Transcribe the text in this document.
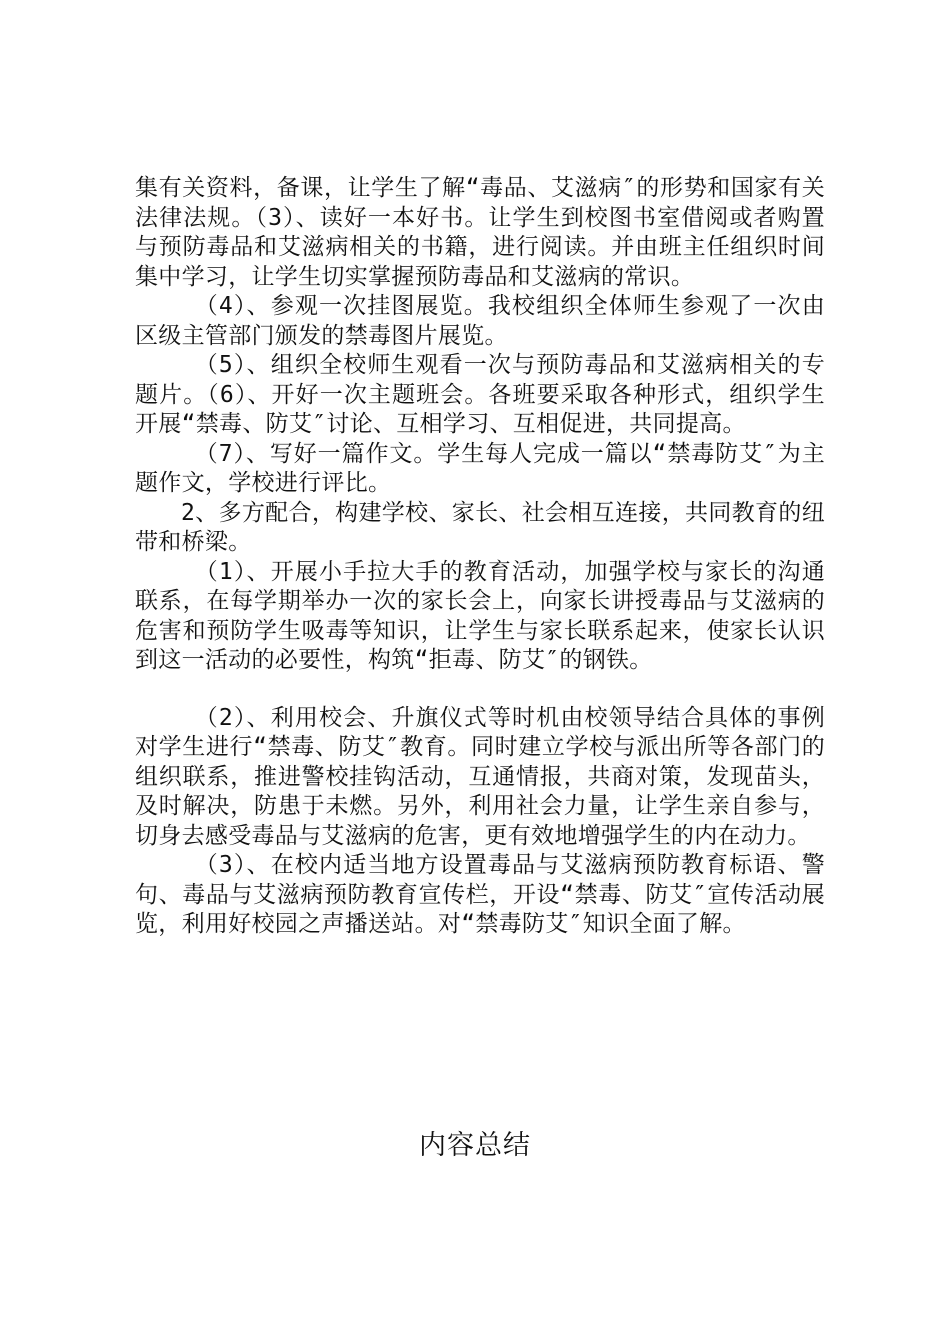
集有关资料，备课，让学生了解“毒品、艾滋病″的形势和国家有关法律法规。（3）、读好一本好书。让学生到校图书室借阅或者购置与预防毒品和艾滋病相关的书籍，进行阅读。并由班主任组织时间集中学习，让学生切实掌握预防毒品和艾滋病的常识。

（4）、参观一次挂图展览。我校组织全体师生参观了一次由区级主管部门颁发的禁毒图片展览。

（5）、组织全校师生观看一次与预防毒品和艾滋病相关的专题片。（6）、开好一次主题班会。各班要采取各种形式，组织学生开展“禁毒、防艾″讨论、互相学习、互相促进，共同提高。

（7）、写好一篇作文。学生每人完成一篇以“禁毒防艾″为主题作文，学校进行评比。

2、多方配合，构建学校、家长、社会相互连接，共同教育的纽带和桥梁。

（1）、开展小手拉大手的教育活动，加强学校与家长的沟通联系，在每学期举办一次的家长会上，向家长讲授毒品与艾滋病的危害和预防学生吸毒等知识，让学生与家长联系起来，使家长认识到这一活动的必要性，构筑“拒毒、防艾″的钢铁。

（2）、利用校会、升旗仪式等时机由校领导结合具体的事例对学生进行“禁毒、防艾″教育。同时建立学校与派出所等各部门的组织联系，推进警校挂钩活动，互通情报，共商对策，发现苗头，及时解决，防患于未燃。另外，利用社会力量，让学生亲自参与，切身去感受毒品与艾滋病的危害，更有效地增强学生的内在动力。

（3）、在校内适当地方设置毒品与艾滋病预防教育标语、警句、毒品与艾滋病预防教育宣传栏，开设“禁毒、防艾″宣传活动展览，利用好校园之声播送站。对“禁毒防艾″知识全面了解。

内容总结
